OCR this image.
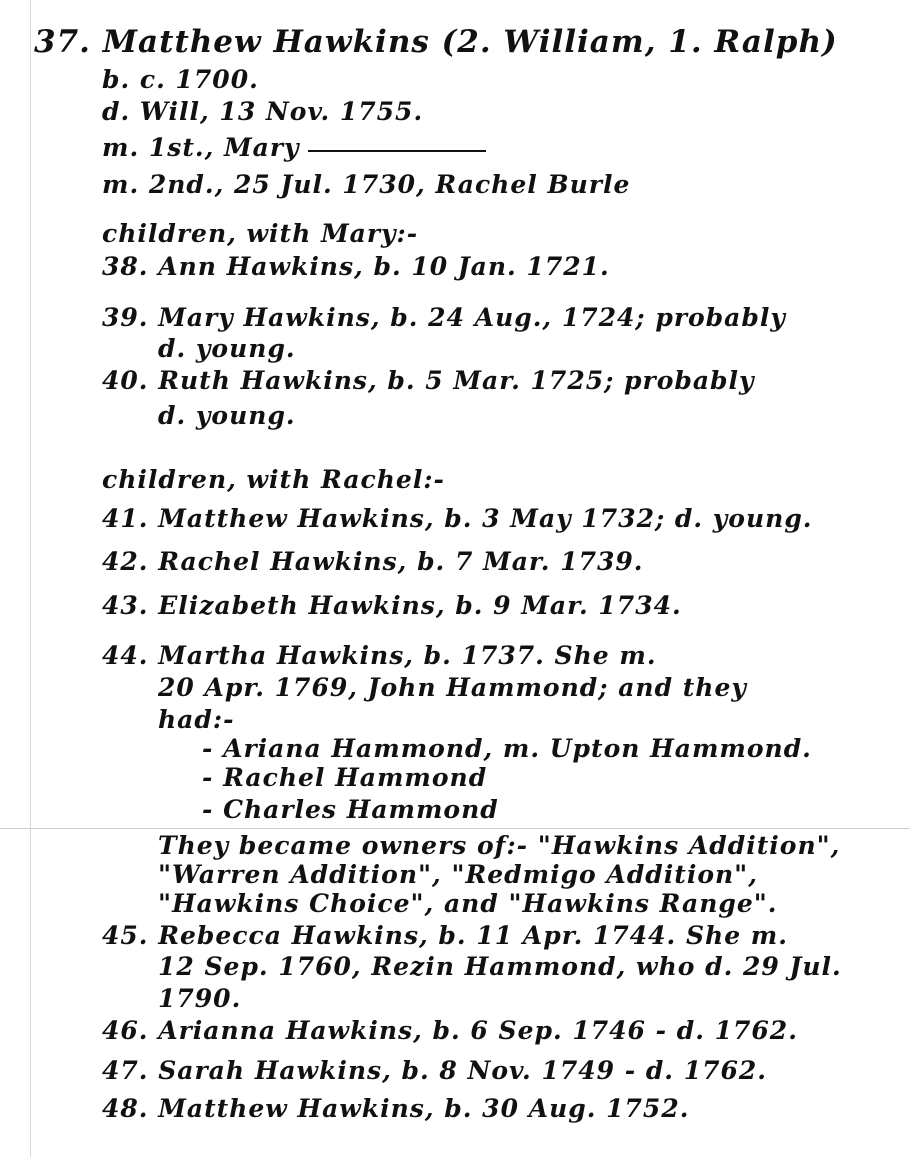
37. Matthew Hawkins (2. William, 1. Ralph)
b. c. 1700.
d. Will, 13 Nov. 1755.
m. 1st., Mary
m. 2nd., 25 Jul. 1730, Rachel Burle
children, with Mary:-
38. Ann Hawkins, b. 10 Jan. 1721.
39. Mary Hawkins, b. 24 Aug., 1724; probably
d. young.
40. Ruth Hawkins, b. 5 Mar. 1725; probably
d. young.
children, with Rachel:-
41. Matthew Hawkins, b. 3 May 1732; d. young.
42. Rachel Hawkins, b. 7 Mar. 1739.
43. Elizabeth Hawkins, b. 9 Mar. 1734.
44. Martha Hawkins, b. 1737. She m.
20 Apr. 1769, John Hammond; and they
had:-
- Ariana Hammond, m. Upton Hammond.
- Rachel Hammond
- Charles Hammond
They became owners of:- "Hawkins Addition",
"Warren Addition", "Redmigo Addition",
"Hawkins Choice", and "Hawkins Range".
45. Rebecca Hawkins, b. 11 Apr. 1744. She m.
12 Sep. 1760, Rezin Hammond, who d. 29 Jul.
1790.
46. Arianna Hawkins, b. 6 Sep. 1746 - d. 1762.
47. Sarah Hawkins, b. 8 Nov. 1749 - d. 1762.
48. Matthew Hawkins, b. 30 Aug. 1752.
